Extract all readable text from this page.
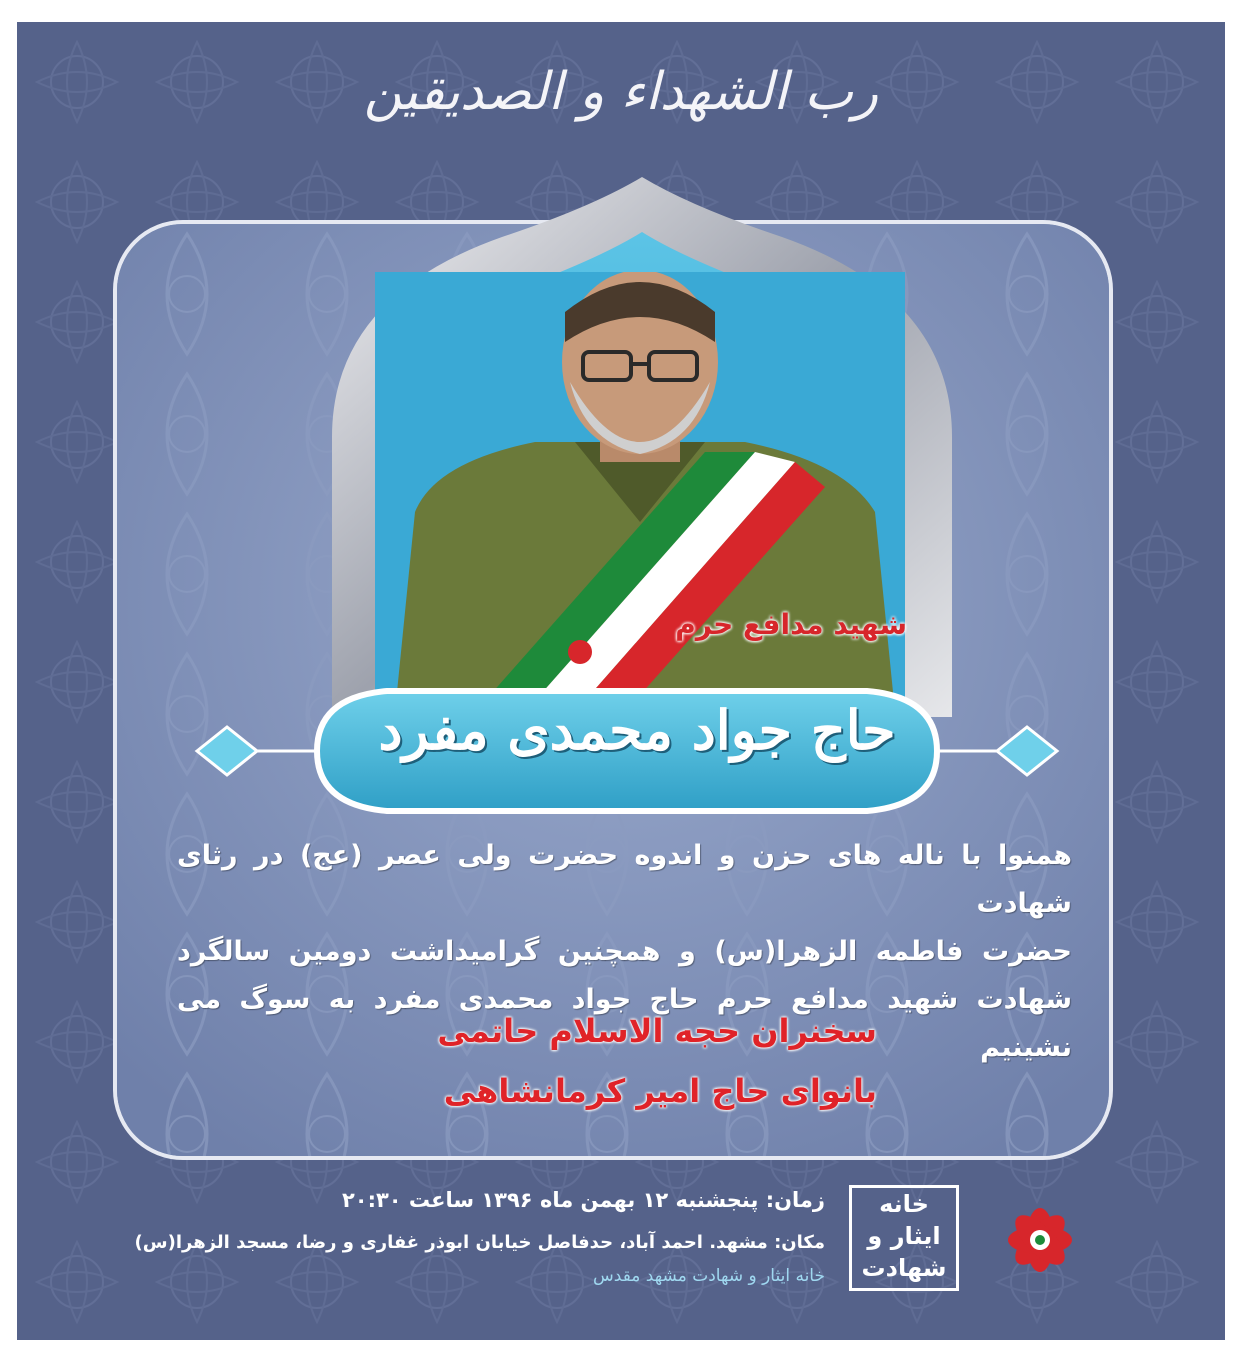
رب الشهداء و الصدیقین
شهید مدافع حرم
حاج جواد محمدی مفرد
همنوا با ناله های حزن و اندوه حضرت ولی عصر (عج) در رثای شهادت
حضرت فاطمه الزهرا(س) و همچنین گرامیداشت دومین سالگرد
شهادت شهید مدافع حرم حاج جواد محمدی مفرد به سوگ می نشینیم
سخنران حجه الاسلام حاتمی
بانوای حاج امیر کرمانشاهی
زمان: پنجشنبه ۱۲ بهمن ماه ۱۳۹۶ ساعت ۲۰:۳۰
مکان: مشهد. احمد آباد، حدفاصل خیابان ابوذر غفاری و رضا، مسجد الزهرا(س)
خانه ایثار و شهادت مشهد مقدس
خانه
ایثار و
شهادت
